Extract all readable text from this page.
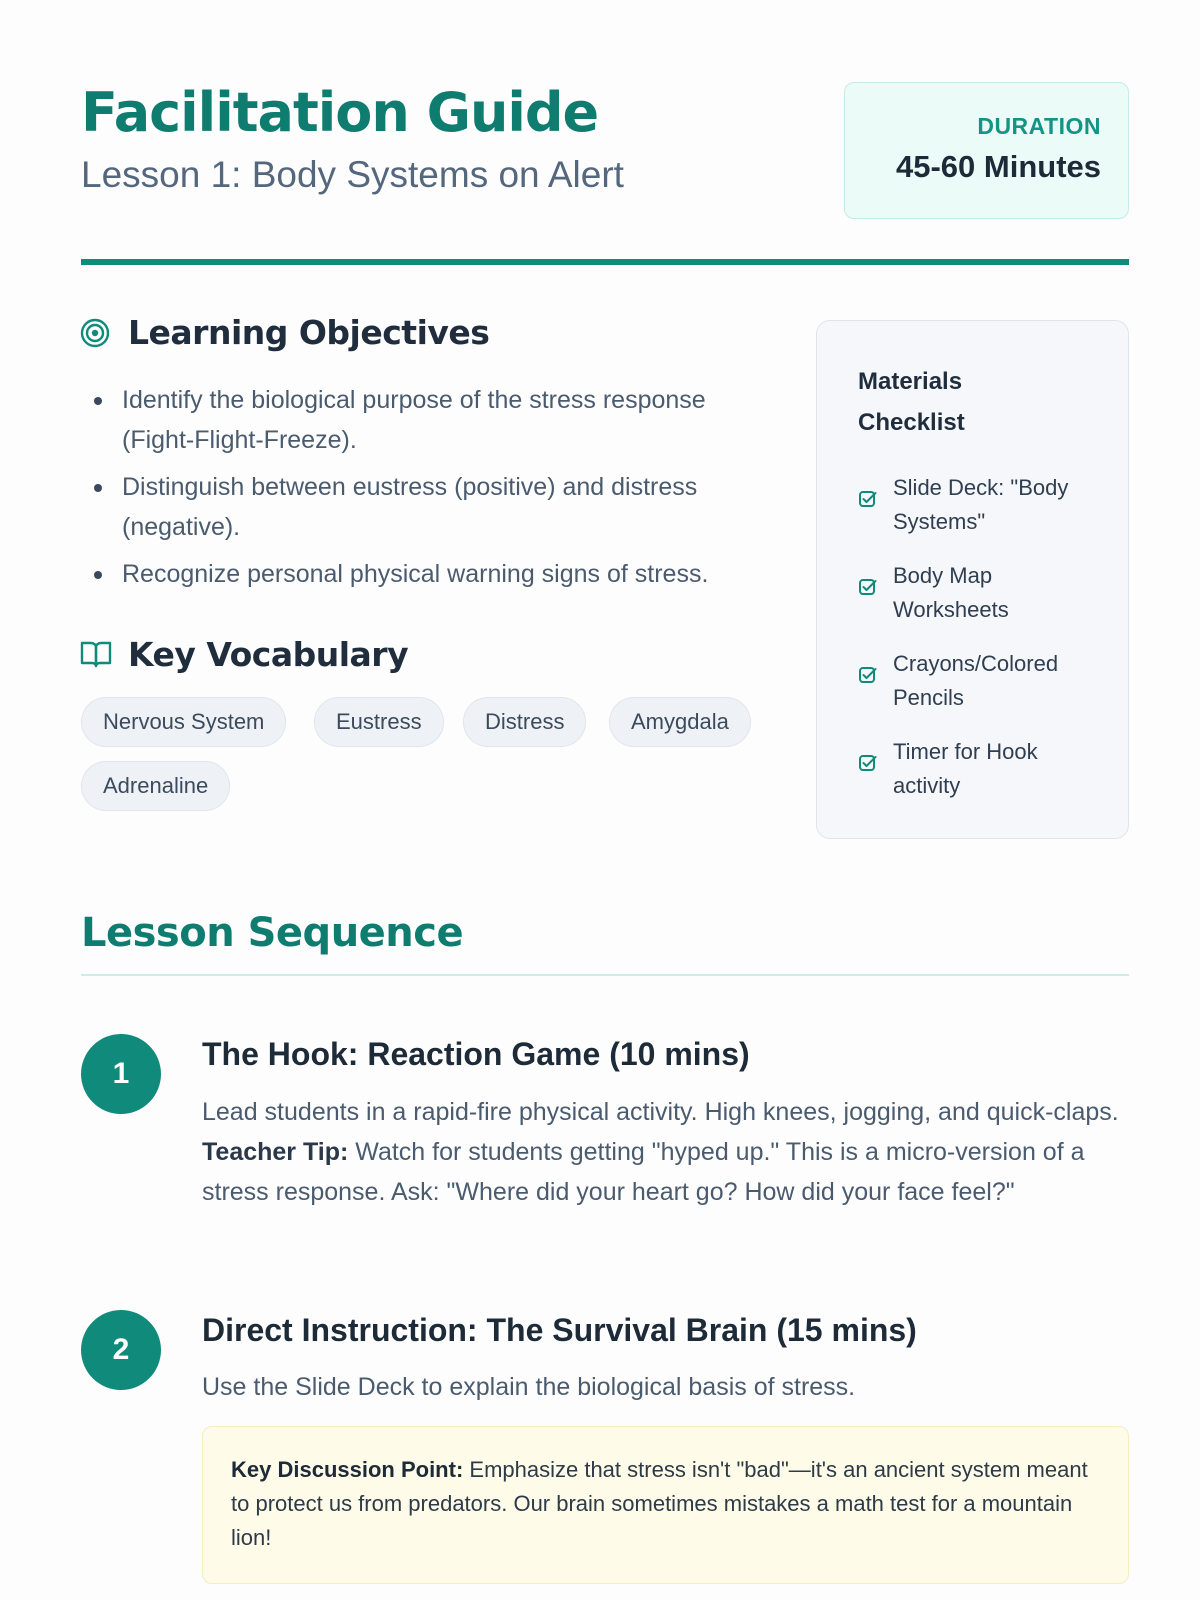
Facilitation Guide
Lesson 1: Body Systems on Alert
DURATION
45-60 Minutes
Learning Objectives
Identify the biological purpose of the stress response (Fight-Flight-Freeze).
Distinguish between eustress (positive) and distress (negative).
Recognize personal physical warning signs of stress.
Key Vocabulary
Nervous System	Eustress	Distress	Amygdala
Adrenaline
Materials Checklist
Slide Deck: "Body Systems"
Body Map Worksheets
Crayons/Colored Pencils
Timer for Hook activity
Lesson Sequence
1
The Hook: Reaction Game (10 mins)
Lead students in a rapid-fire physical activity. High knees, jogging, and quick-claps. Teacher Tip: Watch for students getting "hyped up." This is a micro-version of a stress response. Ask: "Where did your heart go? How did your face feel?"
2
Direct Instruction: The Survival Brain (15 mins)
Use the Slide Deck to explain the biological basis of stress.
Key Discussion Point: Emphasize that stress isn't "bad"—it's an ancient system meant to protect us from predators. Our brain sometimes mistakes a math test for a mountain lion!
